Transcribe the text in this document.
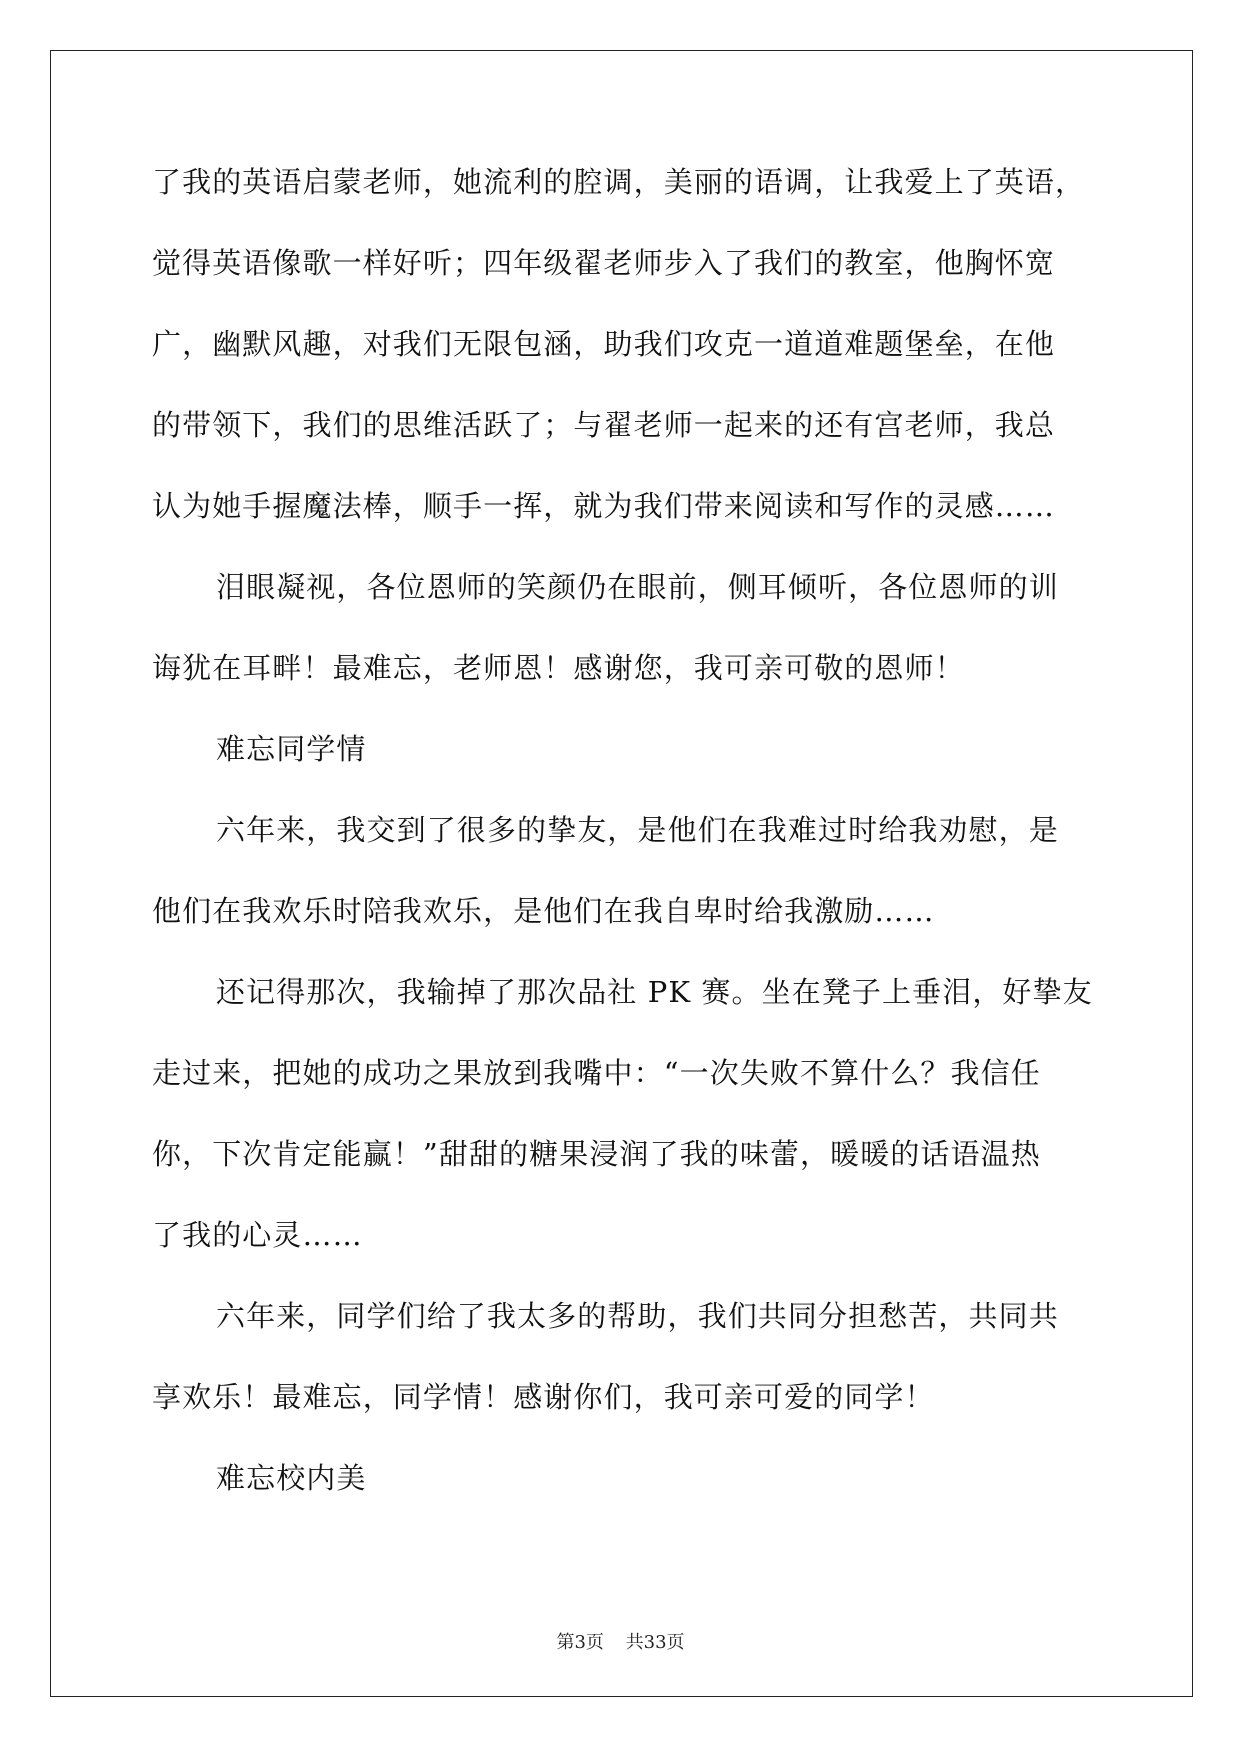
了我的英语启蒙老师，她流利的腔调，美丽的语调，让我爱上了英语，
觉得英语像歌一样好听；四年级翟老师步入了我们的教室，他胸怀宽
广，幽默风趣，对我们无限包涵，助我们攻克一道道难题堡垒，在他
的带领下，我们的思维活跃了；与翟老师一起来的还有宫老师，我总
认为她手握魔法棒，顺手一挥，就为我们带来阅读和写作的灵感……
泪眼凝视，各位恩师的笑颜仍在眼前，侧耳倾听，各位恩师的训
诲犹在耳畔！最难忘，老师恩！感谢您，我可亲可敬的恩师！
难忘同学情
六年来，我交到了很多的挚友，是他们在我难过时给我劝慰，是
他们在我欢乐时陪我欢乐，是他们在我自卑时给我激励……
还记得那次，我输掉了那次品社 PK 赛。坐在凳子上垂泪，好挚友
走过来，把她的成功之果放到我嘴中：“一次失败不算什么？我信任
你，下次肯定能赢！”甜甜的糖果浸润了我的味蕾，暖暖的话语温热
了我的心灵……
六年来，同学们给了我太多的帮助，我们共同分担愁苦，共同共
享欢乐！最难忘，同学情！感谢你们，我可亲可爱的同学！
难忘校内美
第3页 共33页
